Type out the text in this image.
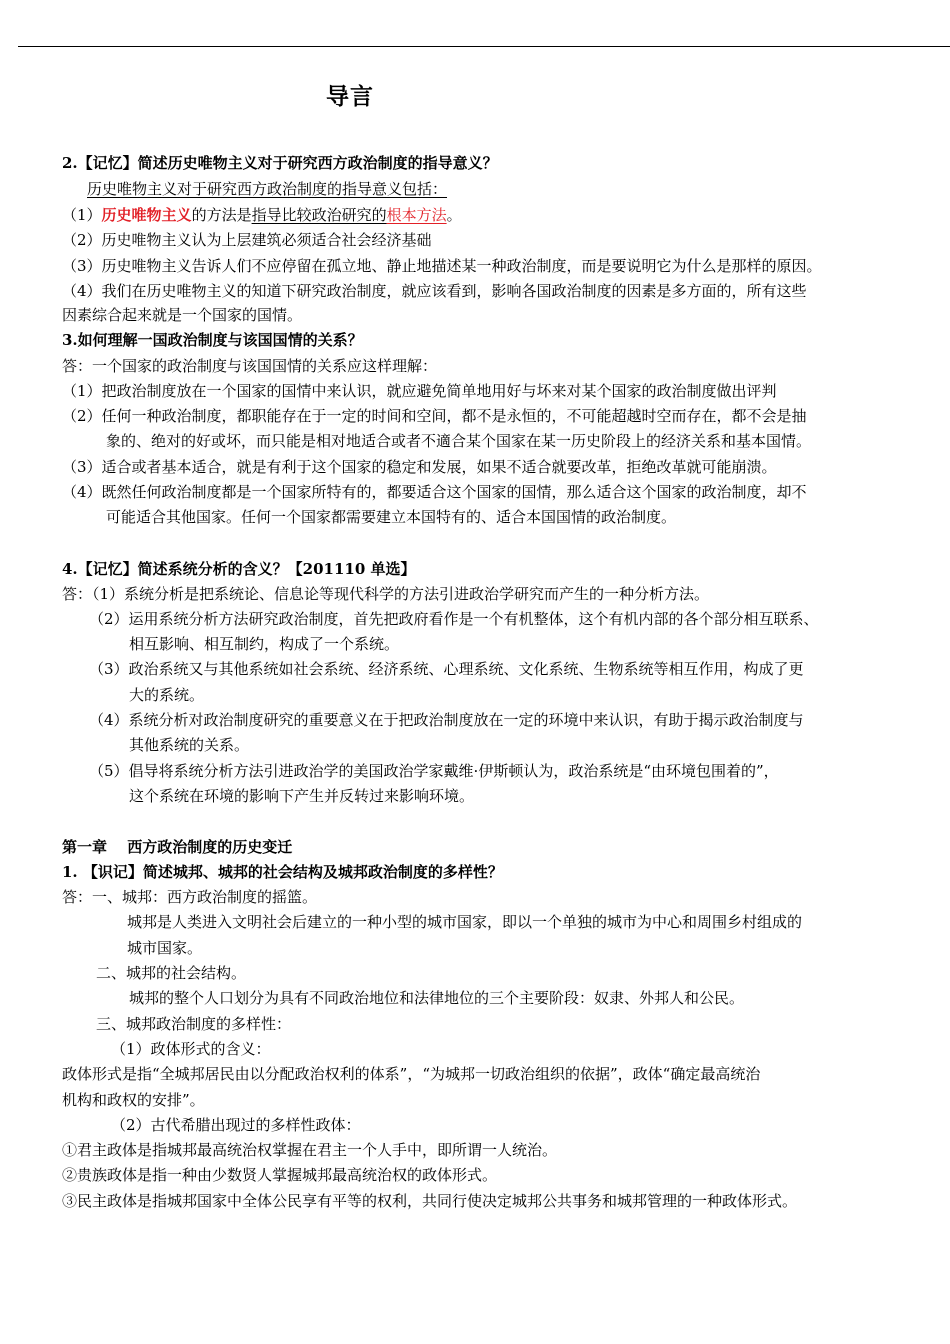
导言
2.【记忆】简述历史唯物主义对于研究西方政治制度的指导意义？
历史唯物主义对于研究西方政治制度的指导意义包括：
（1）历史唯物主义的方法是指导比较政治研究的根本方法。
（2）历史唯物主义认为上层建筑必须适合社会经济基础
（3）历史唯物主义告诉人们不应停留在孤立地、静止地描述某一种政治制度，而是要说明它为什么是那样的原因。
（4）我们在历史唯物主义的知道下研究政治制度，就应该看到，影响各国政治制度的因素是多方面的，所有这些
因素综合起来就是一个国家的国情。
3.如何理解一国政治制度与该国国情的关系？
答：一个国家的政治制度与该国国情的关系应这样理解：
（1）把政治制度放在一个国家的国情中来认识，就应避免简单地用好与坏来对某个国家的政治制度做出评判
（2）任何一种政治制度，都职能存在于一定的时间和空间，都不是永恒的，不可能超越时空而存在，都不会是抽
象的、绝对的好或坏，而只能是相对地适合或者不適合某个国家在某一历史阶段上的经济关系和基本国情。
（3）适合或者基本适合，就是有利于这个国家的稳定和发展，如果不适合就要改革，拒绝改革就可能崩溃。
（4）既然任何政治制度都是一个国家所特有的，都要适合这个国家的国情，那么适合这个国家的政治制度，却不
可能适合其他国家。任何一个国家都需要建立本国特有的、适合本国国情的政治制度。
4.【记忆】简述系统分析的含义？【201110 单选】
答：（1）系统分析是把系统论、信息论等现代科学的方法引进政治学研究而产生的一种分析方法。
（2）运用系统分析方法研究政治制度，首先把政府看作是一个有机整体，这个有机内部的各个部分相互联系、
相互影响、相互制约，构成了一个系统。
（3）政治系统又与其他系统如社会系统、经济系统、心理系统、文化系统、生物系统等相互作用，构成了更
大的系统。
（4）系统分析对政治制度研究的重要意义在于把政治制度放在一定的环境中来认识，有助于揭示政治制度与
其他系统的关系。
（5）倡导将系统分析方法引进政治学的美国政治学家戴维·伊斯顿认为，政治系统是“由环境包围着的”，
这个系统在环境的影响下产生并反转过来影响环境。
第一章　 西方政治制度的历史变迁
1. 【识记】简述城邦、城邦的社会结构及城邦政治制度的多样性？
答：一、城邦：西方政治制度的摇篮。
城邦是人类进入文明社会后建立的一种小型的城市国家，即以一个单独的城市为中心和周围乡村组成的
城市国家。
二、城邦的社会结构。
城邦的整个人口划分为具有不同政治地位和法律地位的三个主要阶段：奴隶、外邦人和公民。
三、城邦政治制度的多样性：
（1）政体形式的含义：
政体形式是指“全城邦居民由以分配政治权利的体系”，“为城邦一切政治组织的依据”，政体“确定最高统治
机构和政权的安排”。
（2）古代希腊出现过的多样性政体：
①君主政体是指城邦最高统治权掌握在君主一个人手中，即所谓一人统治。
②贵族政体是指一种由少数贤人掌握城邦最高统治权的政体形式。
③民主政体是指城邦国家中全体公民享有平等的权利，共同行使决定城邦公共事务和城邦管理的一种政体形式。
